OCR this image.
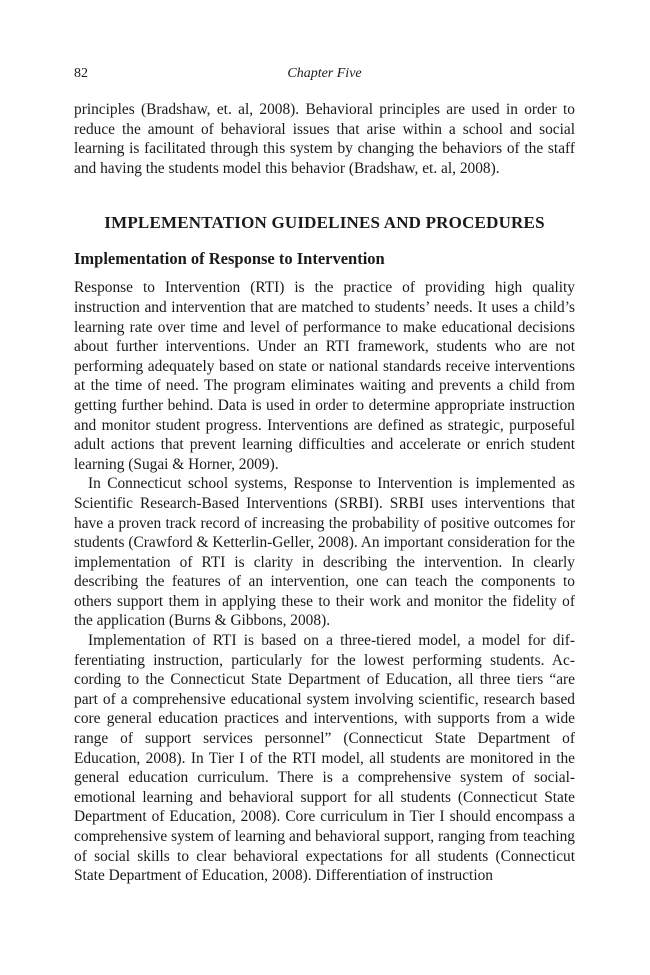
82	Chapter Five

principles (Bradshaw, et. al, 2008). Behavioral principles are used in order to reduce the amount of behavioral issues that arise within a school and social learning is facilitated through this system by changing the behaviors of the staff and having the students model this behavior (Bradshaw, et. al, 2008).

IMPLEMENTATION GUIDELINES AND PROCEDURES
Implementation of Response to Intervention

Response to Intervention (RTI) is the practice of providing high quality instruction and intervention that are matched to students’ needs. It uses a child’s learning rate over time and level of performance to make educational decisions about further interventions. Under an RTI framework, students who are not performing adequately based on state or national standards receive interventions at the time of need. The program eliminates waiting and prevents a child from getting further behind. Data is used in order to determine appropriate instruction and monitor student progress. Interventions are defined as strategic, purposeful adult actions that prevent learning difficulties and accelerate or enrich student learning (Sugai & Horner, 2009).

In Connecticut school systems, Response to Intervention is implemented as Scientific Research-Based Interventions (SRBI). SRBI uses interventions that have a proven track record of increasing the probability of positive outcomes for students (Crawford & Ketterlin-Geller, 2008). An important consideration for the implementation of RTI is clarity in describing the intervention. In clearly describing the features of an intervention, one can teach the components to others support them in applying these to their work and monitor the fidelity of the application (Burns & Gibbons, 2008).

Implementation of RTI is based on a three-tiered model, a model for differentiating instruction, particularly for the lowest performing students. According to the Connecticut State Department of Education, all three tiers “are part of a comprehensive educational system involving scientific, research based core general education practices and interventions, with supports from a wide range of support services personnel” (Connecticut State Department of Education, 2008). In Tier I of the RTI model, all students are monitored in the general education curriculum. There is a comprehensive system of social-emotional learning and behavioral support for all students (Connecticut State Department of Education, 2008). Core curriculum in Tier I should encompass a comprehensive system of learning and behavioral support, ranging from teaching of social skills to clear behavioral expectations for all students (Connecticut State Department of Education, 2008). Differentiation of instruction
